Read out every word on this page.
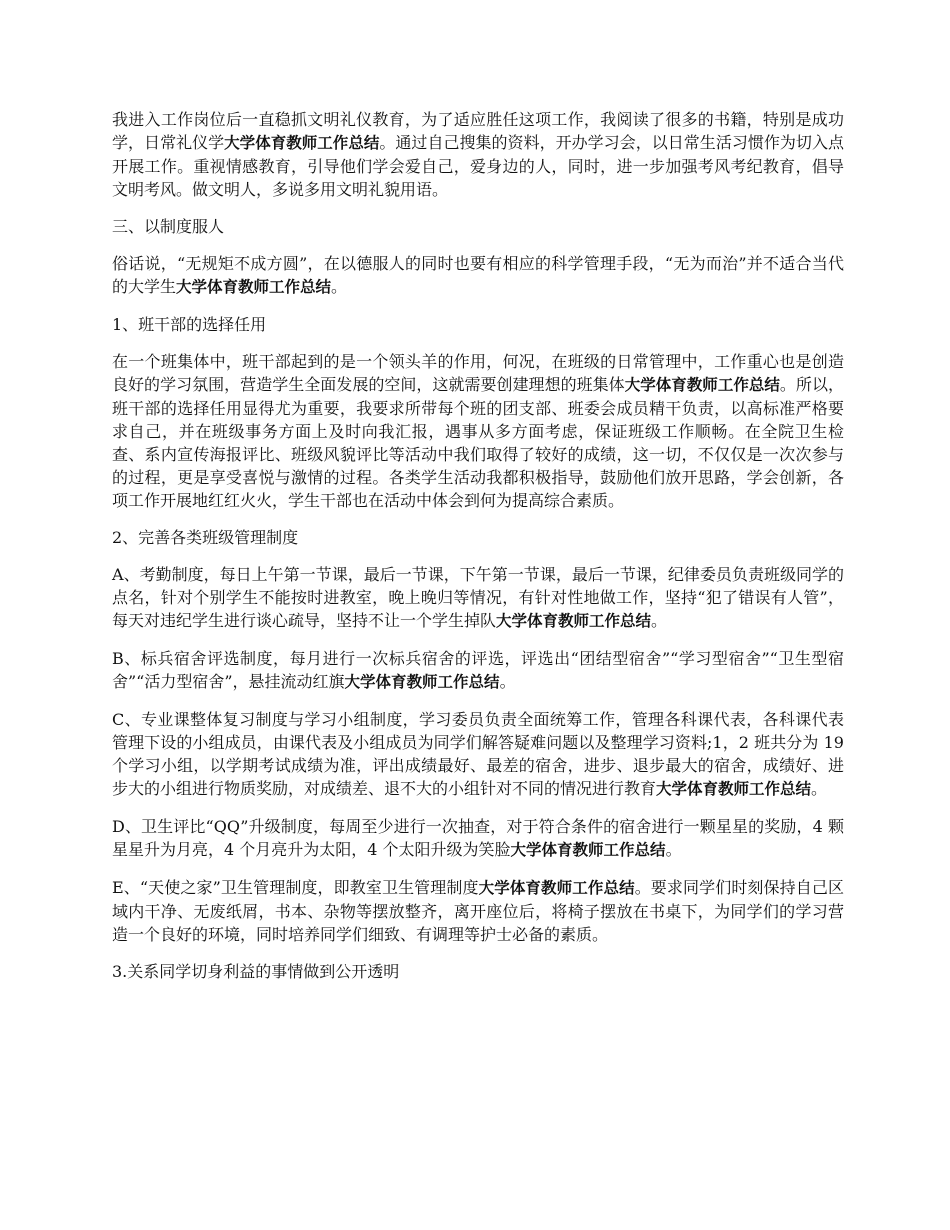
我进入工作岗位后一直稳抓文明礼仪教育，为了适应胜任这项工作，我阅读了很多的书籍，特别是成功学，日常礼仪学大学体育教师工作总结。通过自己搜集的资料，开办学习会，以日常生活习惯作为切入点开展工作。重视情感教育，引导他们学会爱自己，爱身边的人，同时，进一步加强考风考纪教育，倡导文明考风。做文明人，多说多用文明礼貌用语。

三、以制度服人

俗话说，“无规矩不成方圆”，在以德服人的同时也要有相应的科学管理手段，“无为而治”并不适合当代的大学生大学体育教师工作总结。

1、班干部的选择任用

在一个班集体中，班干部起到的是一个领头羊的作用，何况，在班级的日常管理中，工作重心也是创造良好的学习氛围，营造学生全面发展的空间，这就需要创建理想的班集体大学体育教师工作总结。所以，班干部的选择任用显得尤为重要，我要求所带每个班的团支部、班委会成员精干负责，以高标准严格要求自己，并在班级事务方面上及时向我汇报，遇事从多方面考虑，保证班级工作顺畅。在全院卫生检查、系内宣传海报评比、班级风貌评比等活动中我们取得了较好的成绩，这一切，不仅仅是一次次参与的过程，更是享受喜悦与激情的过程。各类学生活动我都积极指导，鼓励他们放开思路，学会创新，各项工作开展地红红火火，学生干部也在活动中体会到何为提高综合素质。

2、完善各类班级管理制度

A、考勤制度，每日上午第一节课，最后一节课，下午第一节课，最后一节课，纪律委员负责班级同学的点名，针对个别学生不能按时进教室，晚上晚归等情况，有针对性地做工作，坚持“犯了错误有人管”，每天对违纪学生进行谈心疏导，坚持不让一个学生掉队大学体育教师工作总结。

B、标兵宿舍评选制度，每月进行一次标兵宿舍的评选，评选出“团结型宿舍”“学习型宿舍”“卫生型宿舍”“活力型宿舍”，悬挂流动红旗大学体育教师工作总结。

C、专业课整体复习制度与学习小组制度，学习委员负责全面统筹工作，管理各科课代表，各科课代表管理下设的小组成员，由课代表及小组成员为同学们解答疑难问题以及整理学习资料;1，2 班共分为 19 个学习小组，以学期考试成绩为准，评出成绩最好、最差的宿舍，进步、退步最大的宿舍，成绩好、进步大的小组进行物质奖励，对成绩差、退不大的小组针对不同的情况进行教育大学体育教师工作总结。

D、卫生评比“QQ”升级制度，每周至少进行一次抽查，对于符合条件的宿舍进行一颗星星的奖励，4 颗星星升为月亮，4 个月亮升为太阳，4 个太阳升级为笑脸大学体育教师工作总结。

E、“天使之家”卫生管理制度，即教室卫生管理制度大学体育教师工作总结。要求同学们时刻保持自己区域内干净、无废纸屑，书本、杂物等摆放整齐，离开座位后，将椅子摆放在书桌下，为同学们的学习营造一个良好的环境，同时培养同学们细致、有调理等护士必备的素质。

3.关系同学切身利益的事情做到公开透明
